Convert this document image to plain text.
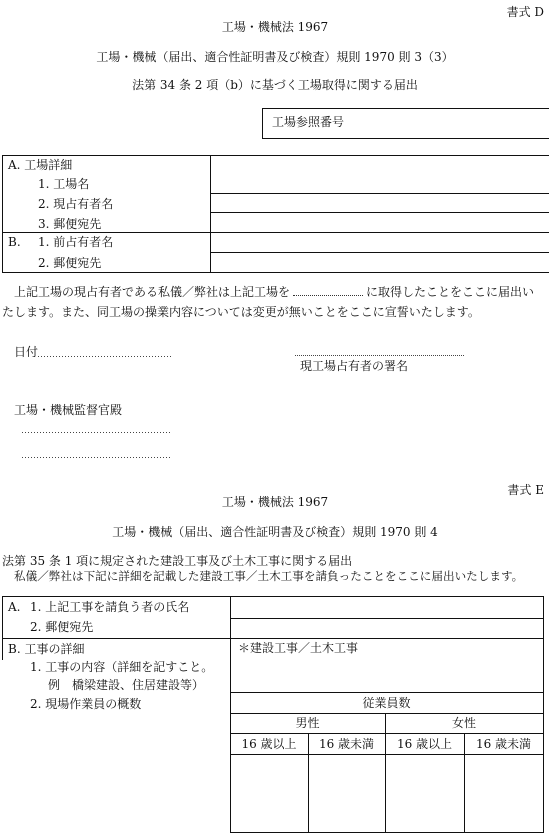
書式 D
工場・機械法 1967
工場・機械（届出、適合性証明書及び検査）規則 1970 則 3（3）
法第 34 条 2 項（b）に基づく工場取得に関する届出
工場参照番号
A. 工場詳細
1. 工場名
2. 現占有者名
3. 郵便宛先
B. 1. 前占有者名
2. 郵便宛先
上記工場の現占有者である私儀／弊社は上記工場を	に取得したことをここに届出い
たします。また、同工場の操業内容については変更が無いことをここに宣誓いたします。
日付
現工場占有者の署名
工場・機械監督官殿
書式 E
工場・機械法 1967
工場・機械（届出、適合性証明書及び検査）規則 1970 則 4
法第 35 条 1 項に規定された建設工事及び土木工事に関する届出
私儀／弊社は下記に詳細を記載した建設工事／土木工事を請負ったことをここに届出いたします。
A. 1. 上記工事を請負う者の氏名
2. 郵便宛先
B. 工事の詳細
1. 工事の内容（詳細を記すこと。
例　橋梁建設、住居建設等）
2. 現場作業員の概数
＊建設工事／土木工事
従業員数
男性	女性
16 歳以上	16 歳未満	16 歳以上	16 歳未満
